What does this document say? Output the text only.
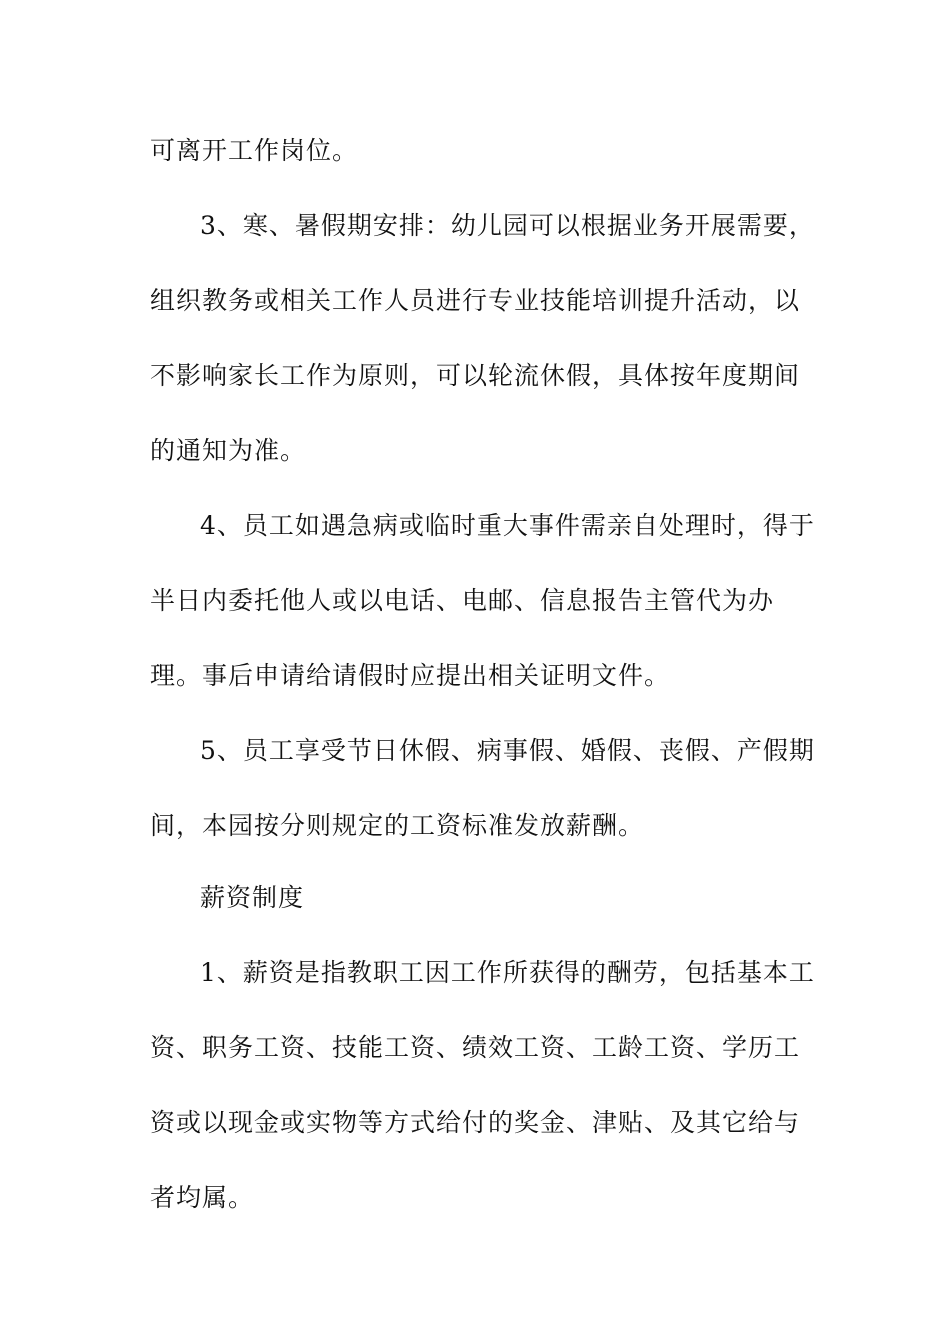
可离开工作岗位。
3、寒、暑假期安排：幼儿园可以根据业务开展需要，
组织教务或相关工作人员进行专业技能培训提升活动，以
不影响家长工作为原则，可以轮流休假，具体按年度期间
的通知为准。
4、员工如遇急病或临时重大事件需亲自处理时，得于
半日内委托他人或以电话、电邮、信息报告主管代为办
理。事后申请给请假时应提出相关证明文件。
5、员工享受节日休假、病事假、婚假、丧假、产假期
间，本园按分则规定的工资标准发放薪酬。
薪资制度
1、薪资是指教职工因工作所获得的酬劳，包括基本工
资、职务工资、技能工资、绩效工资、工龄工资、学历工
资或以现金或实物等方式给付的奖金、津贴、及其它给与
者均属。
